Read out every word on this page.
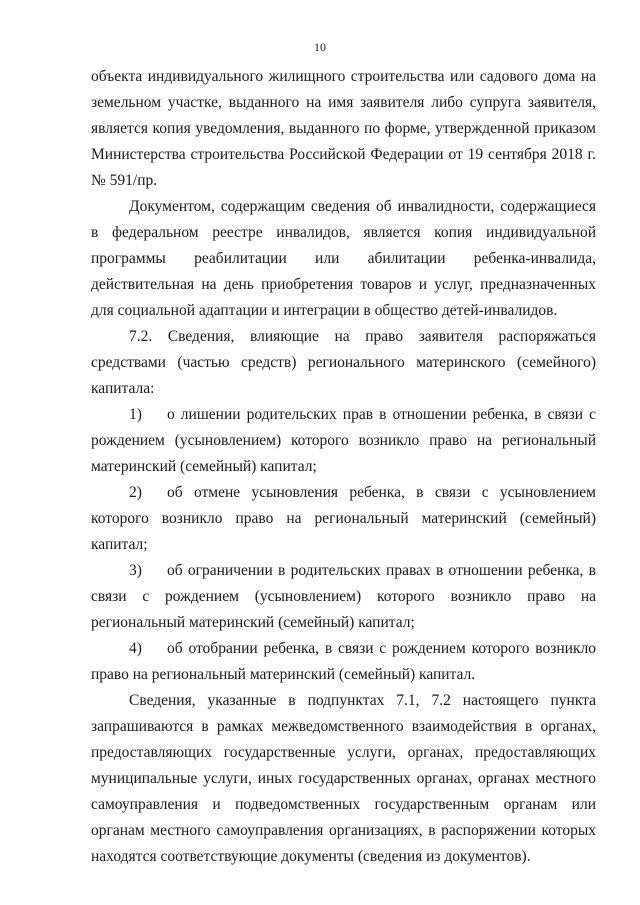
10

объекта индивидуального жилищного строительства или садового дома на земельном участке, выданного на имя заявителя либо супруга заявителя, является копия уведомления, выданного по форме, утвержденной приказом Министерства строительства Российской Федерации от 19 сентября 2018 г. № 591/пр.

Документом, содержащим сведения об инвалидности, содержащиеся в федеральном реестре инвалидов, является копия индивидуальной программы реабилитации или абилитации ребенка-инвалида, действительная на день приобретения товаров и услуг, предназначенных для социальной адаптации и интеграции в общество детей-инвалидов.

7.2. Сведения, влияющие на право заявителя распоряжаться средствами (частью средств) регионального материнского (семейного) капитала:

1) о лишении родительских прав в отношении ребенка, в связи с рождением (усыновлением) которого возникло право на региональный материнский (семейный) капитал;

2) об отмене усыновления ребенка, в связи с усыновлением которого возникло право на региональный материнский (семейный) капитал;

3) об ограничении в родительских правах в отношении ребенка, в связи с рождением (усыновлением) которого возникло право на региональный материнский (семейный) капитал;

4) об отобрании ребенка, в связи с рождением которого возникло право на региональный материнский (семейный) капитал.

Сведения, указанные в подпунктах 7.1, 7.2 настоящего пункта запрашиваются в рамках межведомственного взаимодействия в органах, предоставляющих государственные услуги, органах, предоставляющих муниципальные услуги, иных государственных органах, органах местного самоуправления и подведомственных государственным органам или органам местного самоуправления организациях, в распоряжении которых находятся соответствующие документы (сведения из документов).
